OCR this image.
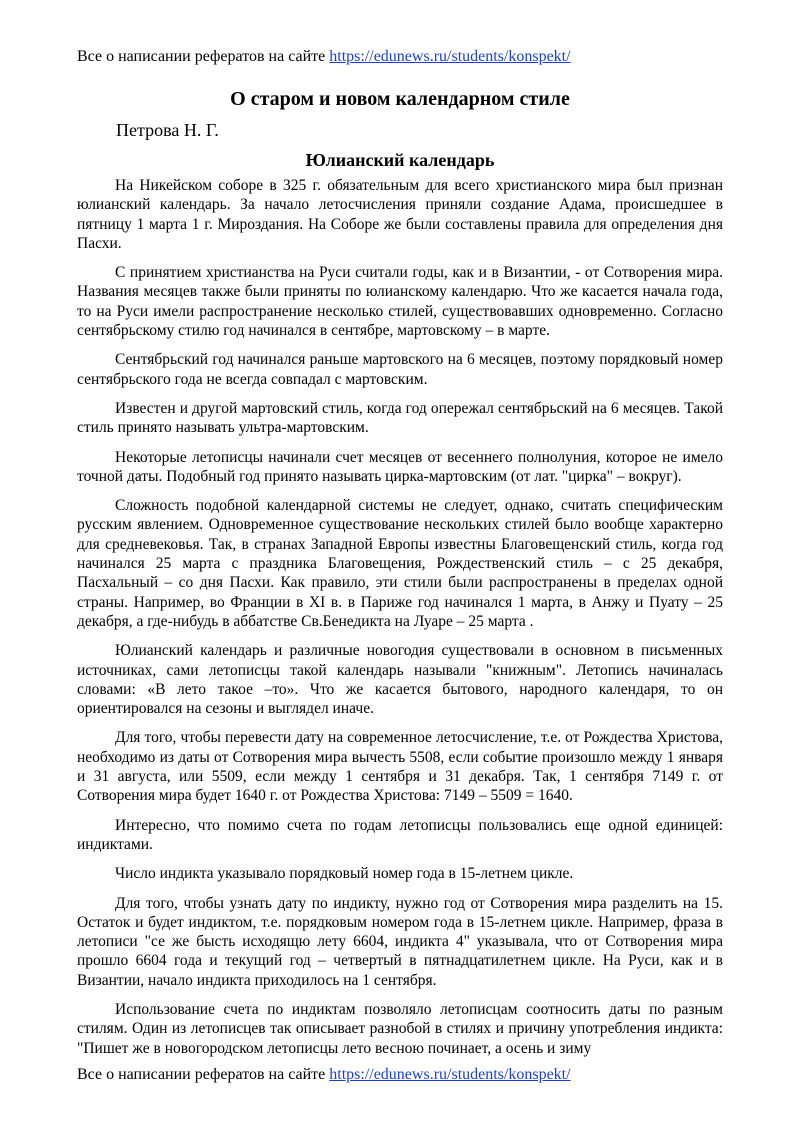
Все о написании рефератов на сайте https://edunews.ru/students/konspekt/
О старом и новом календарном стиле
Петрова Н. Г.
Юлианский календарь

На Никейском соборе в 325 г. обязательным для всего христианского мира был признан юлианский календарь. За начало летосчисления приняли создание Адама, происшедшее в пятницу 1 марта 1 г. Мироздания. На Соборе же были составлены правила для определения дня Пасхи.

С принятием христианства на Руси считали годы, как и в Византии, - от Сотворения мира. Названия месяцев также были приняты по юлианскому календарю. Что же касается начала года, то на Руси имели распространение несколько стилей, существовавших одновременно. Согласно сентябрьскому стилю год начинался в сентябре, мартовскому – в марте.

Сентябрьский год начинался раньше мартовского на 6 месяцев, поэтому порядковый номер сентябрьского года не всегда совпадал с мартовским.

Известен и другой мартовский стиль, когда год опережал сентябрьский на 6 месяцев. Такой стиль принято называть ультра-мартовским.

Некоторые летописцы начинали счет месяцев от весеннего полнолуния, которое не имело точной даты. Подобный год принято называть цирка-мартовским (от лат. "цирка" – вокруг).

Сложность подобной календарной системы не следует, однако, считать специфическим русским явлением. Одновременное существование нескольких стилей было вообще характерно для средневековья. Так, в странах Западной Европы известны Благовещенский стиль, когда год начинался 25 марта с праздника Благовещения, Рождественский стиль – с 25 декабря, Пасхальный – со дня Пасхи. Как правило, эти стили были распространены в пределах одной страны. Например, во Франции в XI в. в Париже год начинался 1 марта, в Анжу и Пуату – 25 декабря, а где-нибудь в аббатстве Св.Бенедикта на Луаре – 25 марта .

Юлианский календарь и различные новогодия существовали в основном в письменных источниках, сами летописцы такой календарь называли "книжным". Летопись начиналась словами: «В лето такое –то». Что же касается бытового, народного календаря, то он ориентировался на сезоны и выглядел иначе.

Для того, чтобы перевести дату на современное летосчисление, т.е. от Рождества Христова, необходимо из даты от Сотворения мира вычесть 5508, если событие произошло между 1 января и 31 августа, или 5509, если между 1 сентября и 31 декабря. Так, 1 сентября 7149 г. от Сотворения мира будет 1640 г. от Рождества Христова: 7149 – 5509 = 1640.

Интересно, что помимо счета по годам летописцы пользовались еще одной единицей: индиктами.

Число индикта указывало порядковый номер года в 15-летнем цикле.

Для того, чтобы узнать дату по индикту, нужно год от Сотворения мира разделить на 15. Остаток и будет индиктом, т.е. порядковым номером года в 15-летнем цикле. Например, фраза в летописи "се же бысть исходящю лету 6604, индикта 4" указывала, что от Сотворения мира прошло 6604 года и текущий год – четвертый в пятнадцатилетнем цикле. На Руси, как и в Византии, начало индикта приходилось на 1 сентября.

Использование счета по индиктам позволяло летописцам соотносить даты по разным стилям. Один из летописцев так описывает разнобой в стилях и причину употребления индикта: "Пишет же в новогородском летописцы лето весною починает, а осень и зиму

Все о написании рефератов на сайте https://edunews.ru/students/konspekt/
